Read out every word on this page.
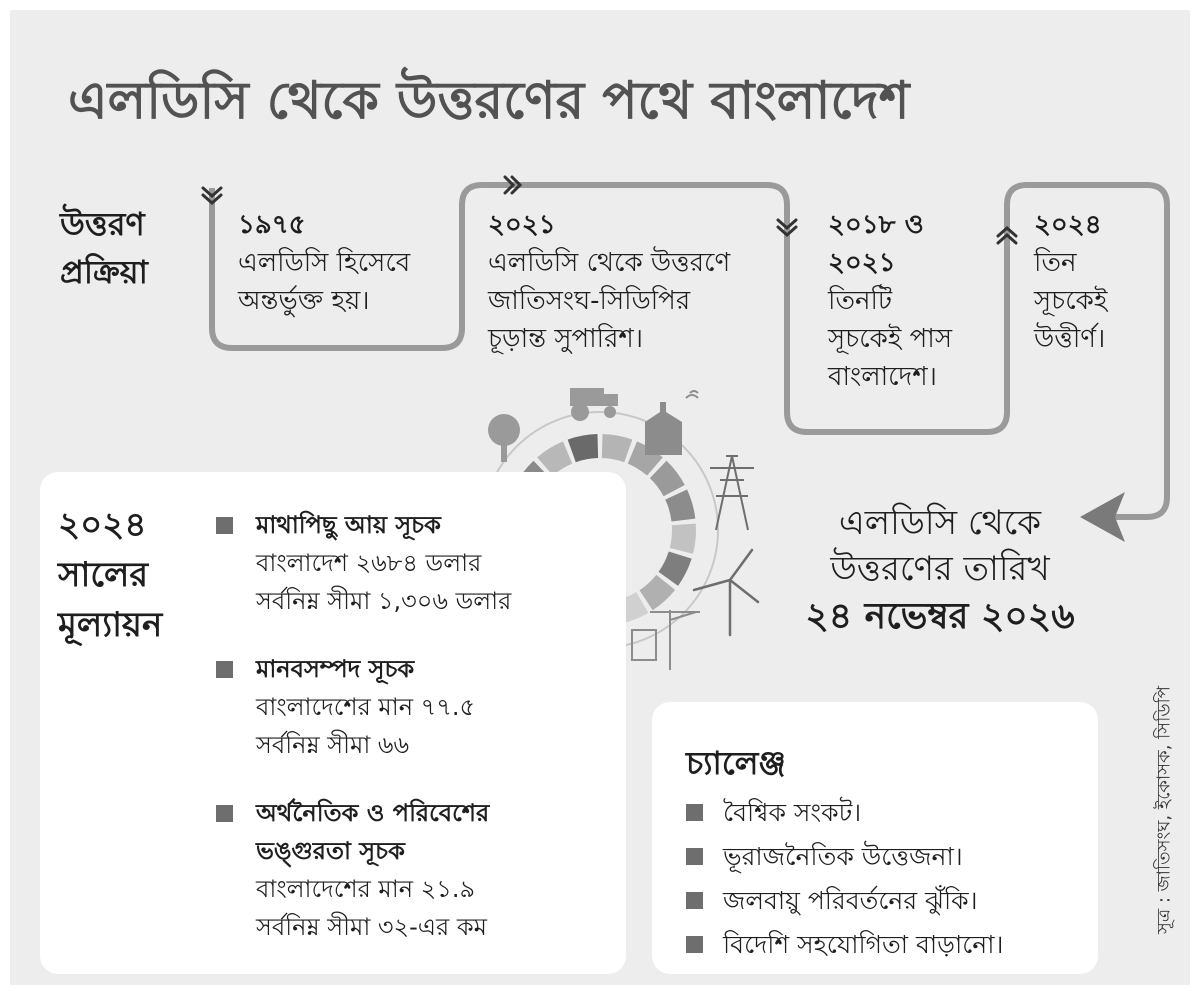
এলডিসি থেকে উত্তরণের পথে বাংলাদেশ
উত্তরণ
প্রক্রিয়া
১৯৭৫
এলডিসি হিসেবে
অন্তর্ভুক্ত হয়।
২০২১
এলডিসি থেকে উত্তরণে
জাতিসংঘ-সিডিপির
চূড়ান্ত সুপারিশ।
২০১৮ ও
২০২১
তিনটি
সূচকেই পাস
বাংলাদেশ।
২০২৪
তিন
সূচকেই
উত্তীর্ণ।
এলডিসি থেকে
উত্তরণের তারিখ
২৪ নভেম্বর ২০২৬
২০২৪
সালের
মূল্যায়ন
মাথাপিছু আয় সূচক
বাংলাদেশ ২৬৮৪ ডলার
সর্বনিম্ন সীমা ১,৩০৬ ডলার
মানবসম্পদ সূচক
বাংলাদেশের মান ৭৭.৫
সর্বনিম্ন সীমা ৬৬
অর্থনৈতিক ও পরিবেশের
ভঙ্গুরতা সূচক
বাংলাদেশের মান ২১.৯
সর্বনিম্ন সীমা ৩২-এর কম
চ্যালেঞ্জ
বৈশ্বিক সংকট।
ভূরাজনৈতিক উত্তেজনা।
জলবায়ু পরিবর্তনের ঝুঁকি।
বিদেশি সহযোগিতা বাড়ানো।
সূত্র : জাতিসংঘ, ইকোসক, সিডিপি
